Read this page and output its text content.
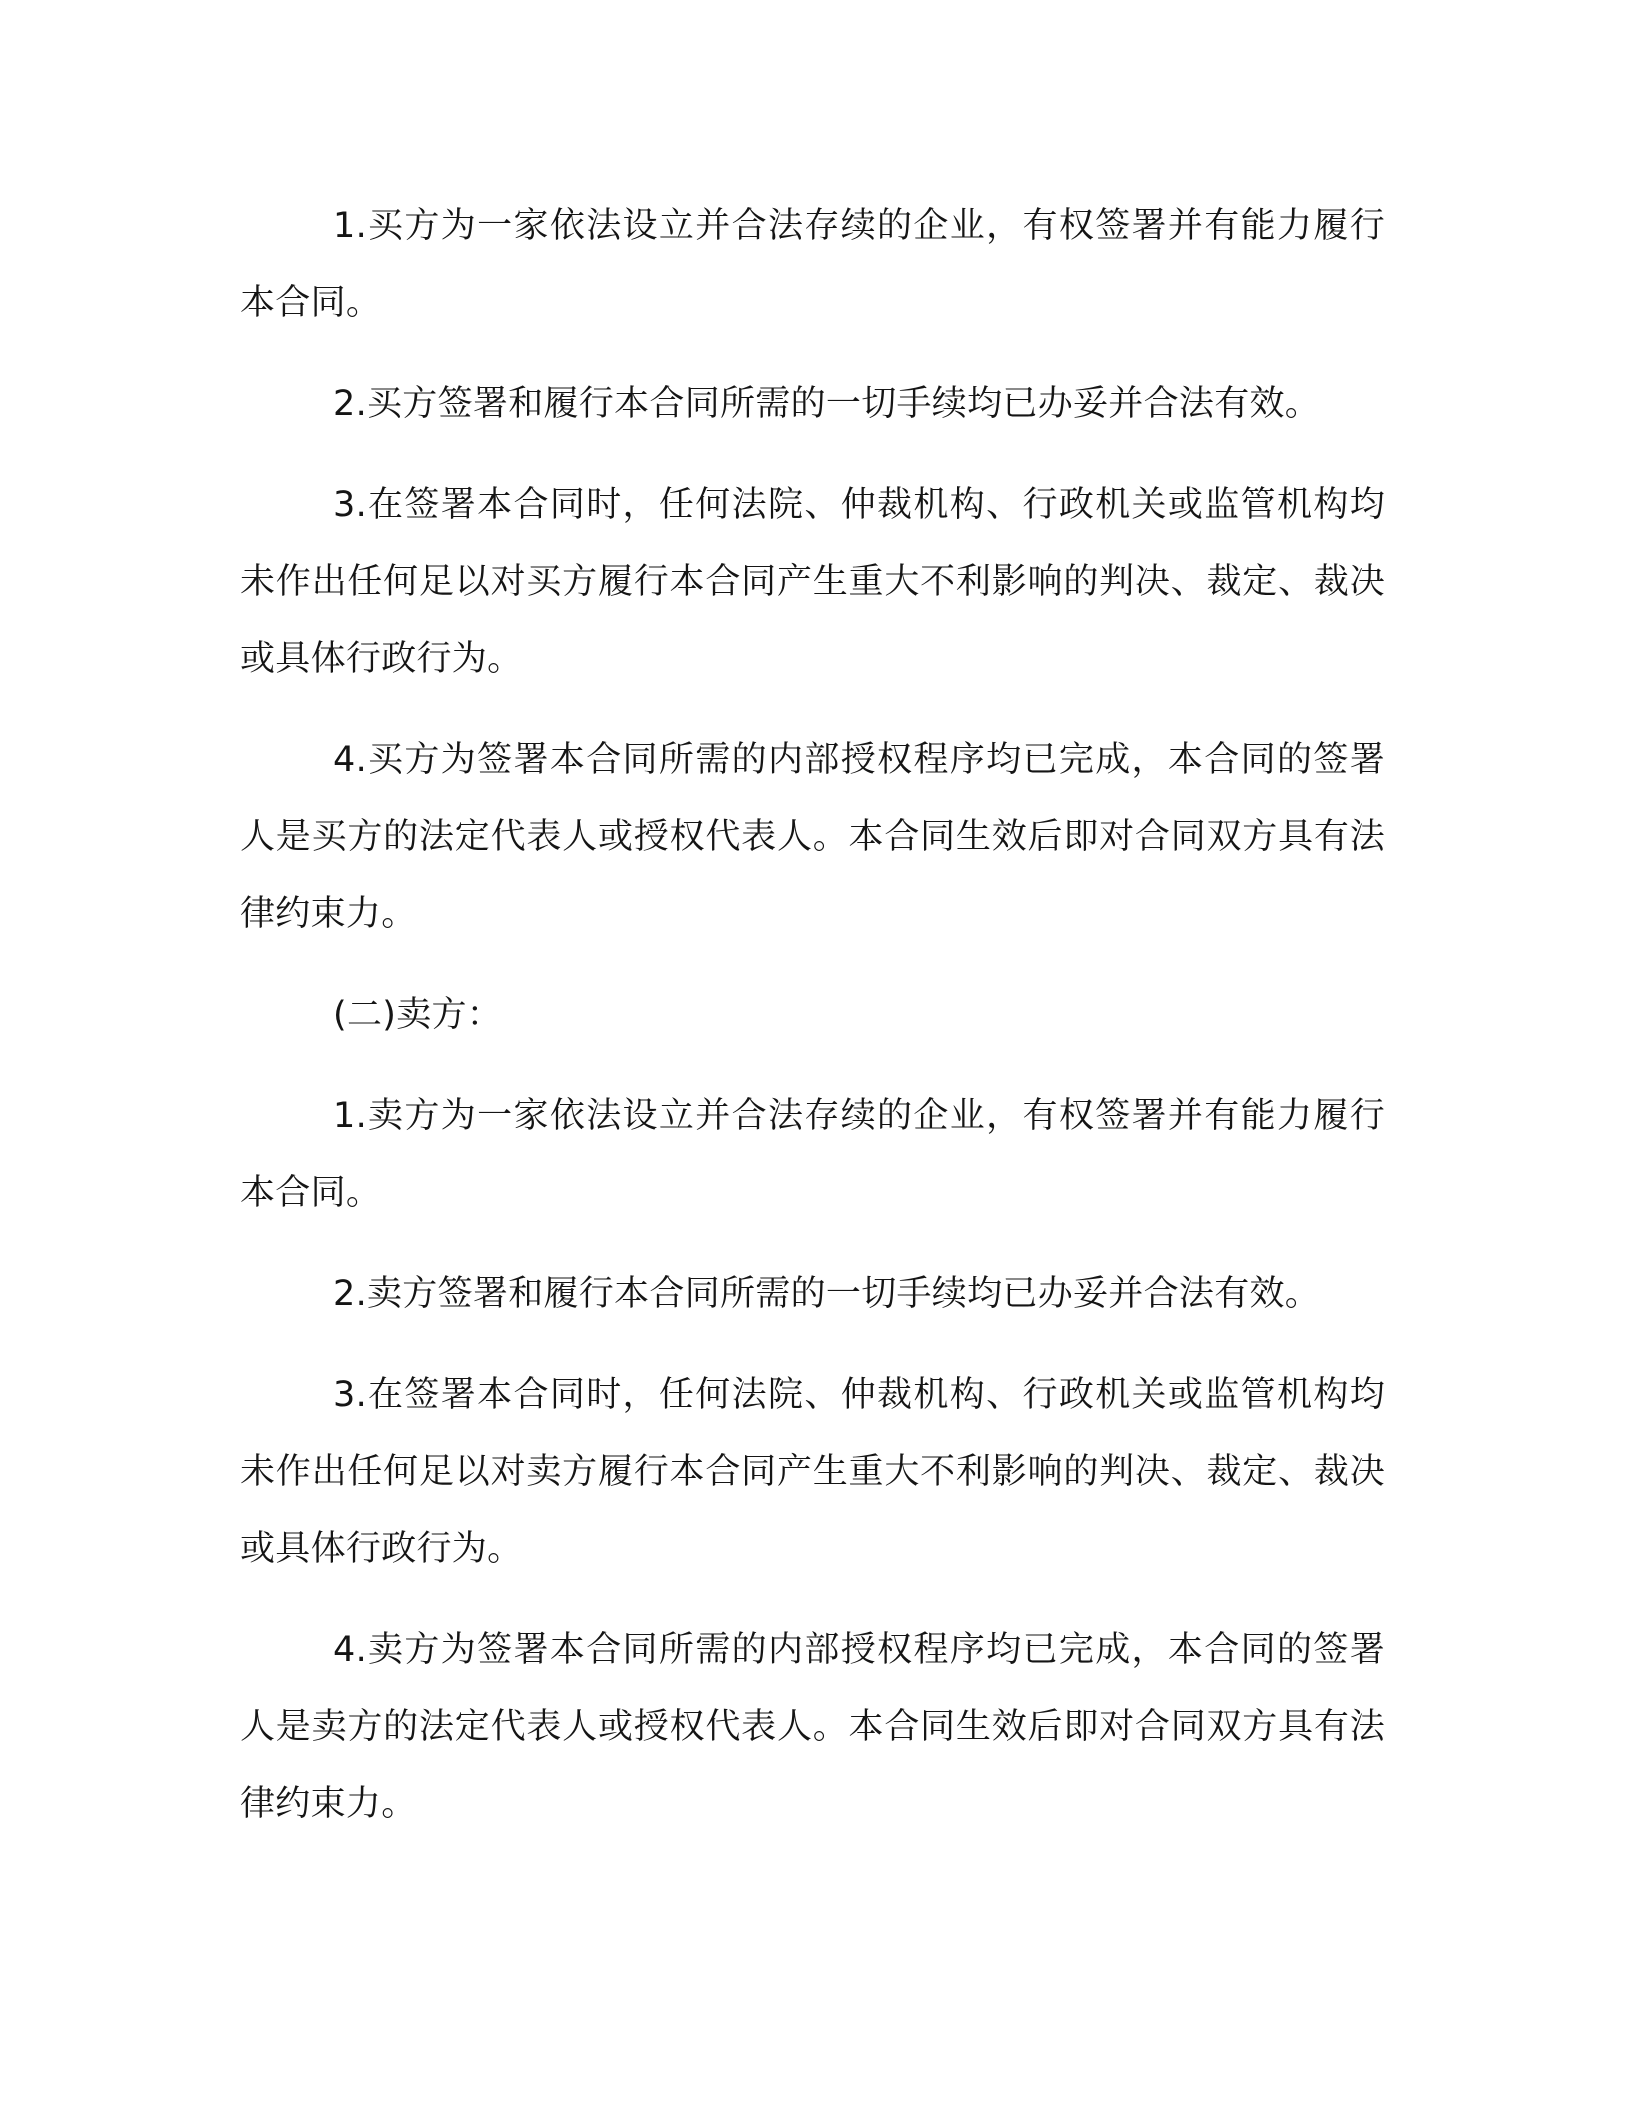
1.买方为一家依法设立并合法存续的企业，有权签署并有能力履行本合同。

2.买方签署和履行本合同所需的一切手续均已办妥并合法有效。

3.在签署本合同时，任何法院、仲裁机构、行政机关或监管机构均未作出任何足以对买方履行本合同产生重大不利影响的判决、裁定、裁决或具体行政行为。

4.买方为签署本合同所需的内部授权程序均已完成，本合同的签署人是买方的法定代表人或授权代表人。本合同生效后即对合同双方具有法律约束力。

(二)卖方：

1.卖方为一家依法设立并合法存续的企业，有权签署并有能力履行本合同。

2.卖方签署和履行本合同所需的一切手续均已办妥并合法有效。

3.在签署本合同时，任何法院、仲裁机构、行政机关或监管机构均未作出任何足以对卖方履行本合同产生重大不利影响的判决、裁定、裁决或具体行政行为。

4.卖方为签署本合同所需的内部授权程序均已完成，本合同的签署人是卖方的法定代表人或授权代表人。本合同生效后即对合同双方具有法律约束力。
